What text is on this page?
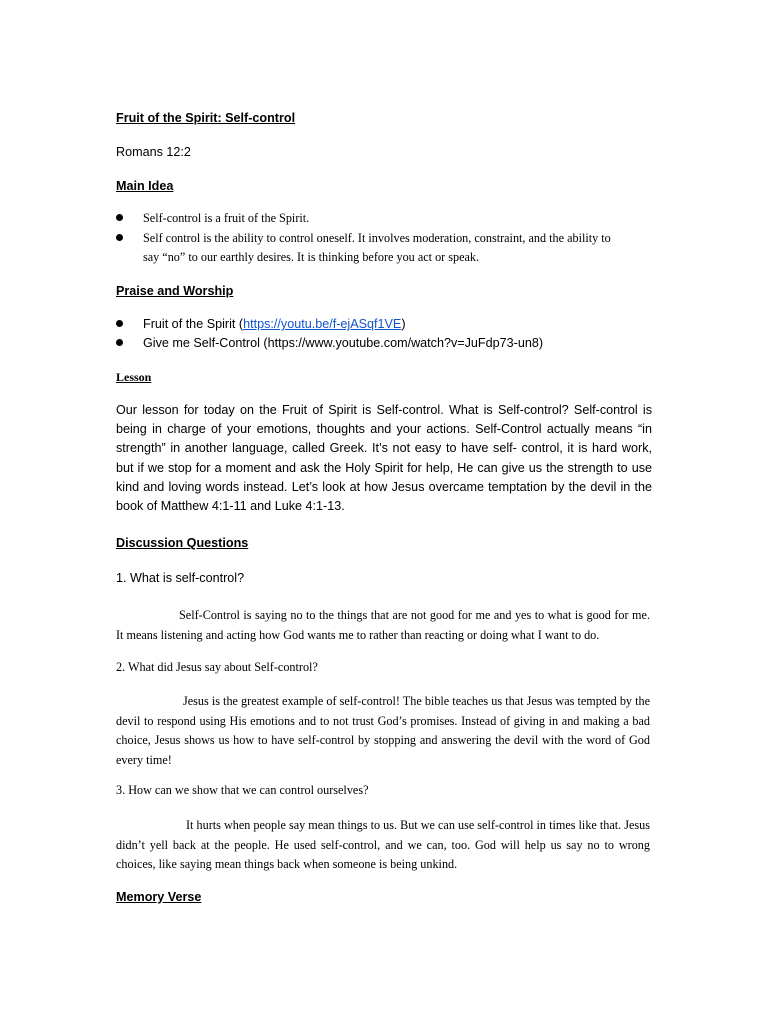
Fruit of the Spirit: Self-control
Romans 12:2
Main Idea
Self-control is a fruit of the Spirit.
Self control is the ability to control oneself. It involves moderation, constraint, and the ability to
say “no” to our earthly desires. It is thinking before you act or speak.
Praise and Worship
Fruit of the Spirit (https://youtu.be/f-ejASqf1VE)
Give me Self-Control (https://www.youtube.com/watch?v=JuFdp73-un8)
Lesson
Our lesson for today on the Fruit of Spirit is Self-control. What is Self-control? Self-control is being in charge of your emotions, thoughts and your actions. Self-Control actually means “in strength” in another language, called Greek. It’s not easy to have self- control, it is hard work, but if we stop for a moment and ask the Holy Spirit for help, He can give us the strength to use kind and loving words instead. Let’s look at how Jesus overcame temptation by the devil in the book of Matthew 4:1-11 and Luke 4:1-13.
Discussion Questions
1. What is self-control?
Self-Control is saying no to the things that are not good for me and yes to what is good for me. It means listening and acting how God wants me to rather than reacting or doing what I want to do.
2. What did Jesus say about Self-control?
Jesus is the greatest example of self-control! The bible teaches us that Jesus was tempted by the devil to respond using His emotions and to not trust God’s promises. Instead of giving in and making a bad choice, Jesus shows us how to have self-control by stopping and answering the devil with the word of God every time!
3. How can we show that we can control ourselves?
It hurts when people say mean things to us. But we can use self-control in times like that. Jesus didn’t yell back at the people. He used self-control, and we can, too. God will help us say no to wrong choices, like saying mean things back when someone is being unkind.
Memory Verse
